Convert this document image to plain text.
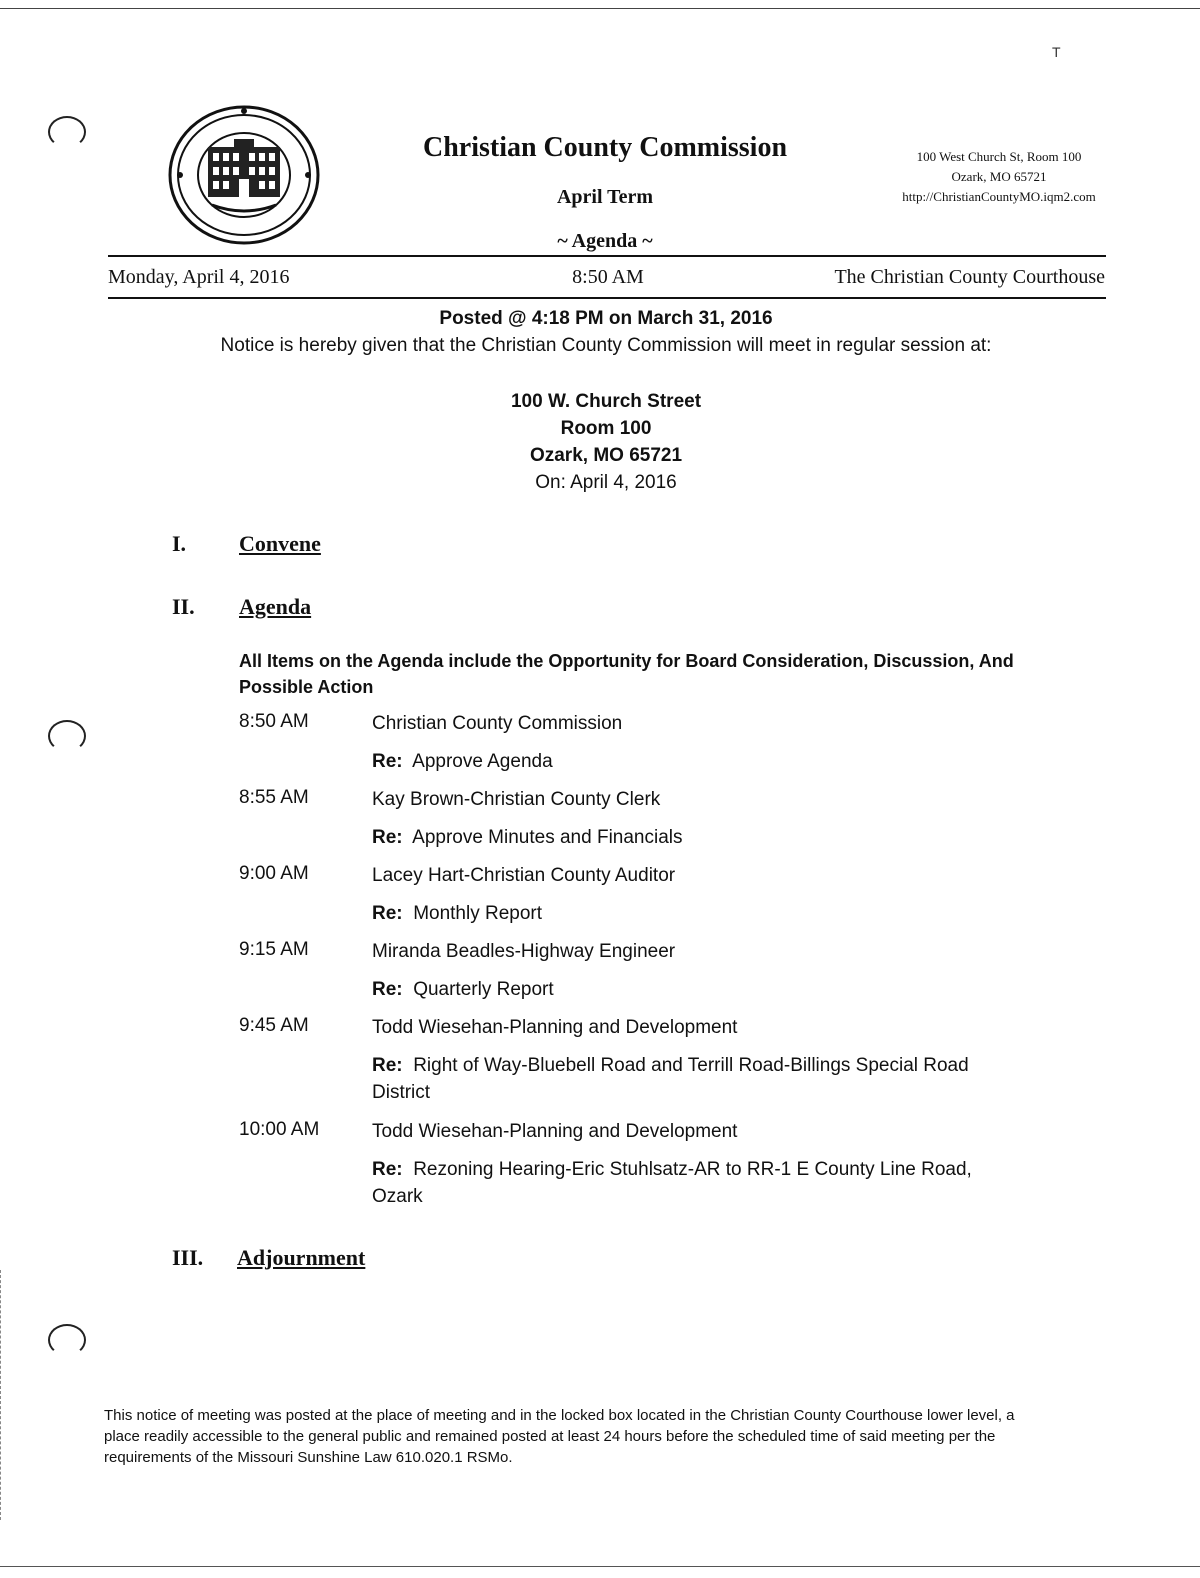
T
Christian County Commission
April Term
~ Agenda ~
100 West Church St, Room 100
Ozark, MO 65721
http://ChristianCountyMO.iqm2.com
Monday, April 4, 2016	8:50 AM	The Christian County Courthouse
Posted @ 4:18 PM on March 31, 2016
Notice is hereby given that the Christian County Commission will meet in regular session at:
100 W. Church Street
Room 100
Ozark, MO 65721
On: April 4, 2016
I. Convene
II. Agenda
All Items on the Agenda include the Opportunity for Board Consideration, Discussion, And Possible Action
8:50 AM	Christian County Commission
Re: Approve Agenda
8:55 AM	Kay Brown-Christian County Clerk
Re: Approve Minutes and Financials
9:00 AM	Lacey Hart-Christian County Auditor
Re: Monthly Report
9:15 AM	Miranda Beadles-Highway Engineer
Re: Quarterly Report
9:45 AM	Todd Wiesehan-Planning and Development
Re: Right of Way-Bluebell Road and Terrill Road-Billings Special Road District
10:00 AM	Todd Wiesehan-Planning and Development
Re: Rezoning Hearing-Eric Stuhlsatz-AR to RR-1 E County Line Road, Ozark
III. Adjournment
This notice of meeting was posted at the place of meeting and in the locked box located in the Christian County Courthouse lower level, a place readily accessible to the general public and remained posted at least 24 hours before the scheduled time of said meeting per the requirements of the Missouri Sunshine Law 610.020.1 RSMo.
